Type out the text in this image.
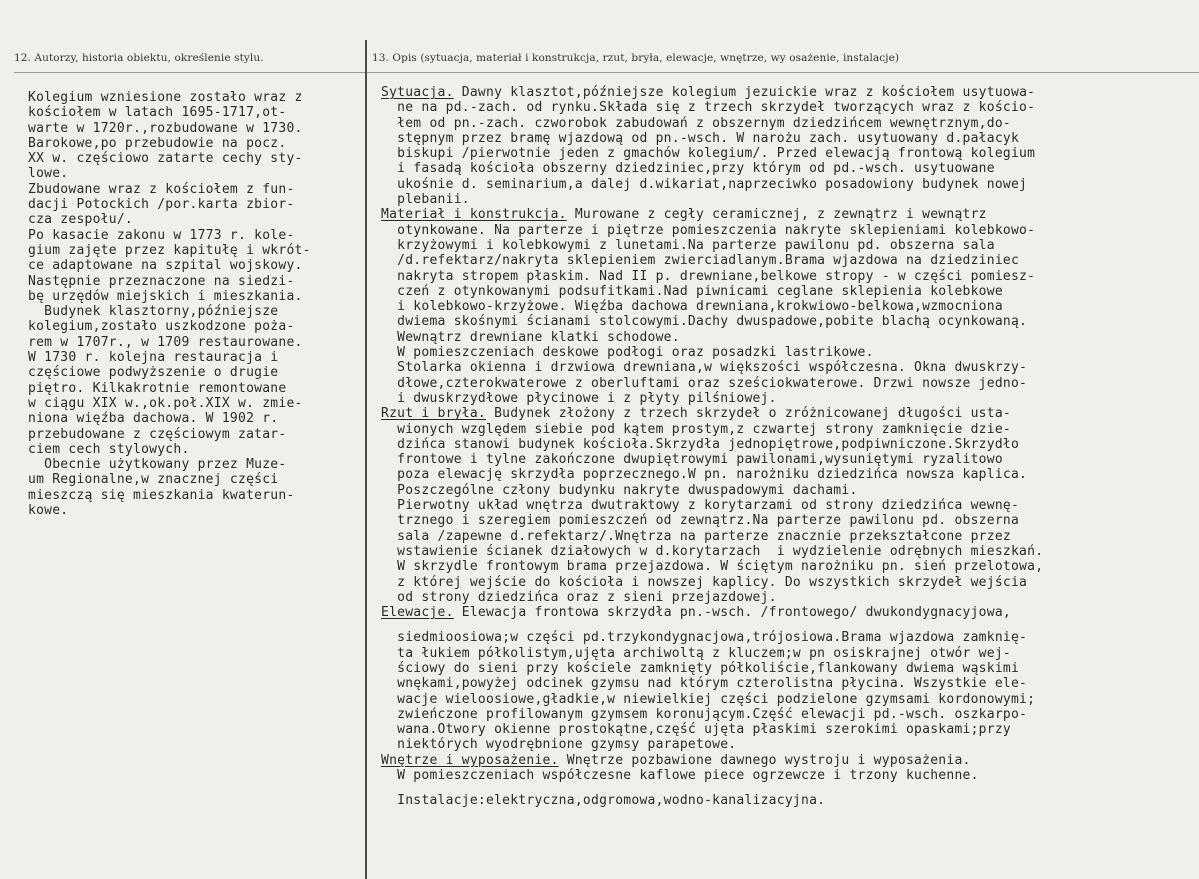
12. Autorzy, historia obiektu, określenie stylu.	13. Opis (sytuacja, materiał i konstrukcja, rzut, bryła, elewacje, wnętrze, wy osażenie, instalacje)
Kolegium wzniesione zostało wraz z
kościołem w latach 1695-1717,ot-
warte w 1720r.,rozbudowane w 1730.
Barokowe,po przebudowie na pocz.
XX w. częściowo zatarte cechy sty-
lowe.
Zbudowane wraz z kościołem z fun-
dacji Potockich /por.karta zbior-
cza zespołu/.
Po kasacie zakonu w 1773 r. kole-
gium zajęte przez kapitułę i wkrót-
ce adaptowane na szpital wojskowy.
Następnie przeznaczone na siedzi-
bę urzędów miejskich i mieszkania.
Budynek klasztorny,późniejsze
kolegium,zostało uszkodzone poża-
rem w 1707r., w 1709 restaurowane.
W 1730 r. kolejna restauracja i
częściowe podwyższenie o drugie
piętro. Kilkakrotnie remontowane
w ciągu XIX w.,ok.poł.XIX w. zmie-
niona więźba dachowa. W 1902 r.
przebudowane z częściowym zatar-
ciem cech stylowych.
Obecnie użytkowany przez Muze-
um Regionalne,w znacznej części
mieszczą się mieszkania kwaterun-
kowe.
Sytuacja. Dawny klasztot,późniejsze kolegium jezuickie wraz z kościołem usytuowa-
ne na pd.-zach. od rynku.Składa się z trzech skrzydeł tworzących wraz z kościo-
łem od pn.-zach. czworobok zabudowań z obszernym dziedzińcem wewnętrznym,do-
stępnym przez bramę wjazdową od pn.-wsch. W narożu zach. usytuowany d.pałacyk
biskupi /pierwotnie jeden z gmachów kolegium/. Przed elewacją frontową kolegium
i fasadą kościoła obszerny dziedziniec,przy którym od pd.-wsch. usytuowane
ukośnie d. seminarium,a dalej d.wikariat,naprzeciwko posadowiony budynek nowej
plebanii.
Materiał i konstrukcja. Murowane z cegły ceramicznej, z zewnątrz i wewnątrz
otynkowane. Na parterze i piętrze pomieszczenia nakryte sklepieniami kolebkowo-
krzyżowymi i kolebkowymi z lunetami.Na parterze pawilonu pd. obszerna sala
/d.refektarz/nakryta sklepieniem zwierciadlanym.Brama wjazdowa na dziedziniec
nakryta stropem płaskim. Nad II p. drewniane,belkowe stropy - w części pomiesz-
czeń z otynkowanymi podsufitkami.Nad piwnicami ceglane sklepienia kolebkowe
i kolebkowo-krzyżowe. Więźba dachowa drewniana,krokwiowo-belkowa,wzmocniona
dwiema skośnymi ścianami stolcowymi.Dachy dwuspadowe,pobite blachą ocynkowaną.
Wewnątrz drewniane klatki schodowe.
W pomieszczeniach deskowe podłogi oraz posadzki lastrikowe.
Stolarka okienna i drzwiowa drewniana,w większości współczesna. Okna dwuskrzy-
dłowe,czterokwaterowe z oberluftami oraz sześciokwaterowe. Drzwi nowsze jedno-
i dwuskrzydłowe płycinowe i z płyty pilśniowej.
Rzut i bryła. Budynek złożony z trzech skrzydeł o zróżnicowanej długości usta-
wionych względem siebie pod kątem prostym,z czwartej strony zamknięcie dzie-
dzińca stanowi budynek kościoła.Skrzydła jednopiętrowe,podpiwniczone.Skrzydło
frontowe i tylne zakończone dwupiętrowymi pawilonami,wysuniętymi ryzalitowo
poza elewację skrzydła poprzecznego.W pn. narożniku dziedzińca nowsza kaplica.
Poszczególne człony budynku nakryte dwuspadowymi dachami.
Pierwotny układ wnętrza dwutraktowy z korytarzami od strony dziedzińca wewnę-
trznego i szeregiem pomieszczeń od zewnątrz.Na parterze pawilonu pd. obszerna
sala /zapewne d.refektarz/.Wnętrza na parterze znacznie przekształcone przez
wstawienie ścianek działowych w d.korytarzach  i wydzielenie odrębnych mieszkań.
W skrzydle frontowym brama przejazdowa. W ściętym narożniku pn. sień przelotowa,
z której wejście do kościoła i nowszej kaplicy. Do wszystkich skrzydeł wejścia
od strony dziedzińca oraz z sieni przejazdowej.
Elewacje. Elewacja frontowa skrzydła pn.-wsch. /frontowego/ dwukondygnacyjowa,
siedmioosiowa;w części pd.trzykondygnacjowa,trójosiowa.Brama wjazdowa zamknię-
ta łukiem półkolistym,ujęta archiwoltą z kluczem;w pn osiskrajnej otwór wej-
ściowy do sieni przy kościele zamknięty półkoliście,flankowany dwiema wąskimi
wnękami,powyżej odcinek gzymsu nad którym czterolistna płycina. Wszystkie ele-
wacje wieloosiowe,gładkie,w niewielkiej części podzielone gzymsami kordonowymi;
zwieńczone profilowanym gzymsem koronującym.Część elewacji pd.-wsch. oszkarpo-
wana.Otwory okienne prostokątne,część ujęta płaskimi szerokimi opaskami;przy
niektórych wyodrębnione gzymsy parapetowe.
Wnętrze i wyposażenie. Wnętrze pozbawione dawnego wystroju i wyposażenia.
W pomieszczeniach współczesne kaflowe piece ogrzewcze i trzony kuchenne.
Instalacje:elektryczna,odgromowa,wodno-kanalizacyjna.
